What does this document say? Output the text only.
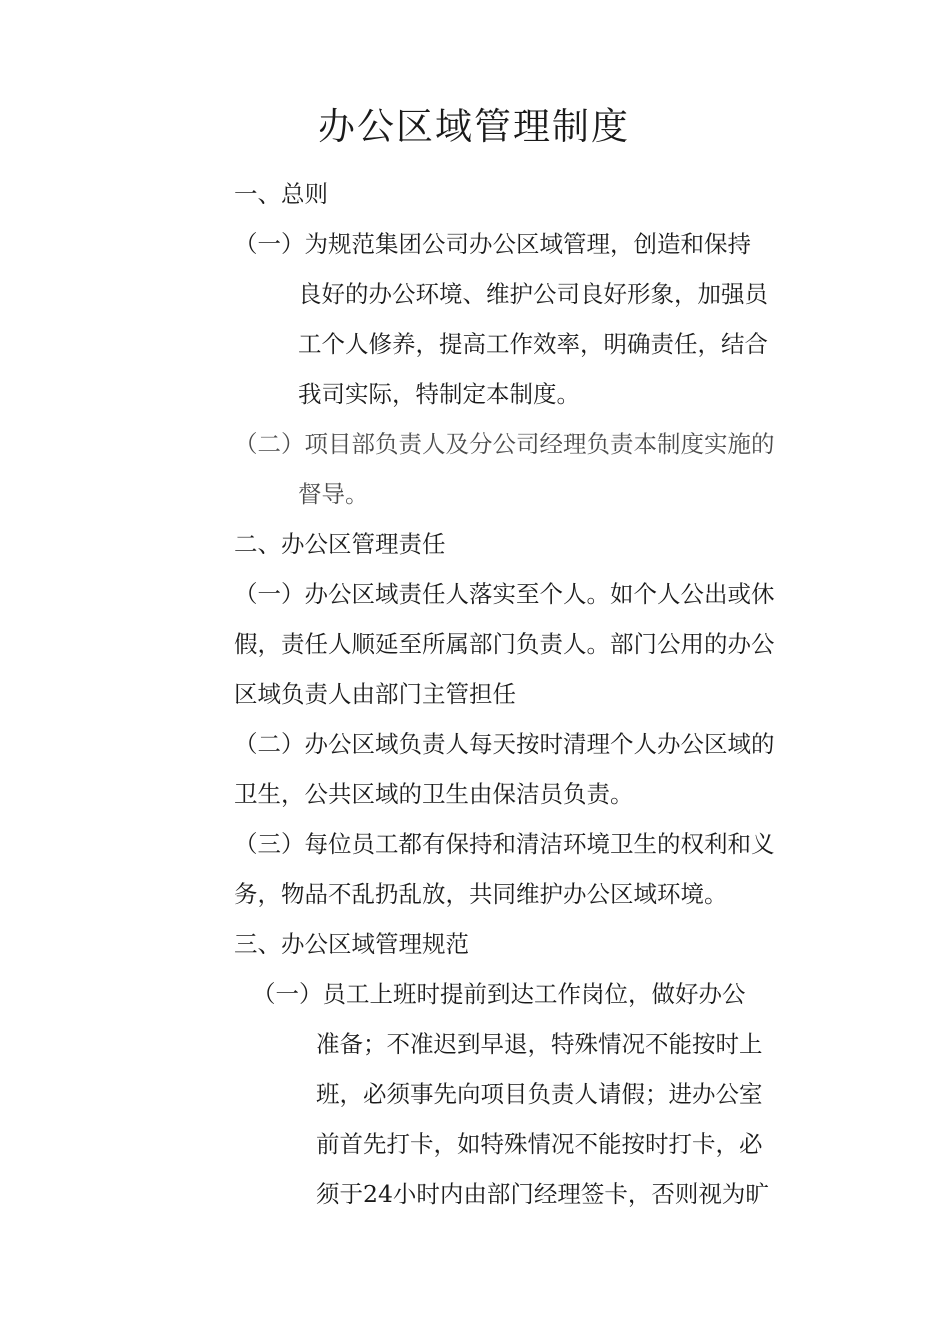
办公区域管理制度
一、总则
（一）为规范集团公司办公区域管理，创造和保持
良好的办公环境、维护公司良好形象，加强员
工个人修养，提高工作效率，明确责任，结合
我司实际，特制定本制度。
（二）项目部负责人及分公司经理负责本制度实施的
督导。
二、办公区管理责任
（一）办公区域责任人落实至个人。如个人公出或休
假，责任人顺延至所属部门负责人。部门公用的办公
区域负责人由部门主管担任
（二）办公区域负责人每天按时清理个人办公区域的
卫生，公共区域的卫生由保洁员负责。
（三）每位员工都有保持和清洁环境卫生的权利和义
务，物品不乱扔乱放，共同维护办公区域环境。
三、办公区域管理规范
（一）员工上班时提前到达工作岗位，做好办公
准备；不准迟到早退，特殊情况不能按时上
班，必须事先向项目负责人请假；进办公室
前首先打卡，如特殊情况不能按时打卡，必
须于24小时内由部门经理签卡，否则视为旷
